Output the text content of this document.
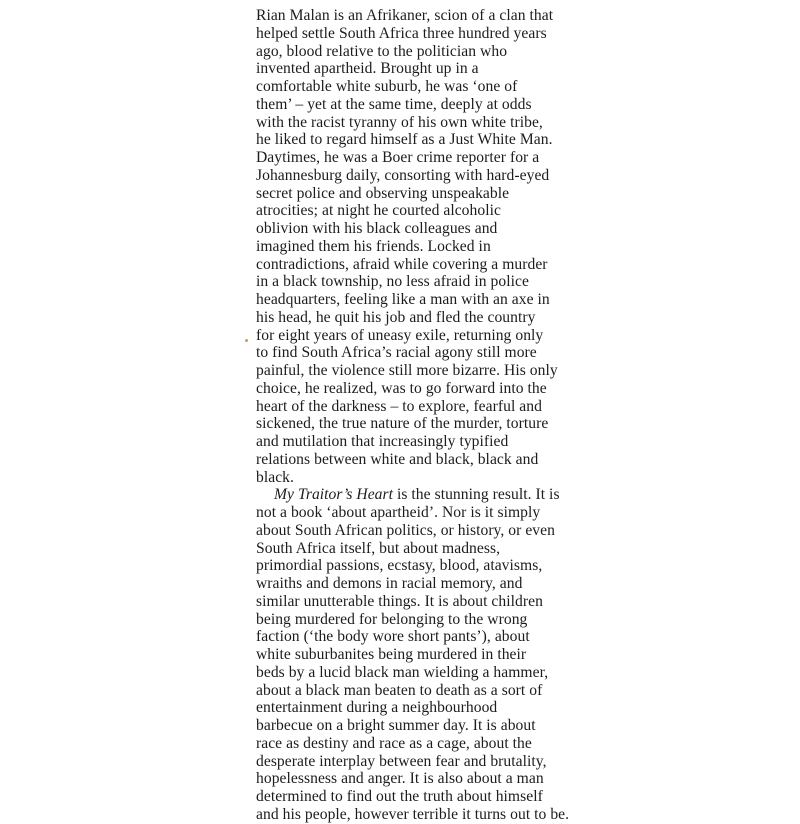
Rian Malan is an Afrikaner, scion of a clan that
helped settle South Africa three hundred years
ago, blood relative to the politician who
invented apartheid. Brought up in a
comfortable white suburb, he was ‘one of
them’ – yet at the same time, deeply at odds
with the racist tyranny of his own white tribe,
he liked to regard himself as a Just White Man.
Daytimes, he was a Boer crime reporter for a
Johannesburg daily, consorting with hard-eyed
secret police and observing unspeakable
atrocities; at night he courted alcoholic
oblivion with his black colleagues and
imagined them his friends. Locked in
contradictions, afraid while covering a murder
in a black township, no less afraid in police
headquarters, feeling like a man with an axe in
his head, he quit his job and fled the country
for eight years of uneasy exile, returning only
to find South Africa’s racial agony still more
painful, the violence still more bizarre. His only
choice, he realized, was to go forward into the
heart of the darkness – to explore, fearful and
sickened, the true nature of the murder, torture
and mutilation that increasingly typified
relations between white and black, black and
black.
My Traitor’s Heart is the stunning result. It is
not a book ‘about apartheid’. Nor is it simply
about South African politics, or history, or even
South Africa itself, but about madness,
primordial passions, ecstasy, blood, atavisms,
wraiths and demons in racial memory, and
similar unutterable things. It is about children
being murdered for belonging to the wrong
faction (‘the body wore short pants’), about
white suburbanites being murdered in their
beds by a lucid black man wielding a hammer,
about a black man beaten to death as a sort of
entertainment during a neighbourhood
barbecue on a bright summer day. It is about
race as destiny and race as a cage, about the
desperate interplay between fear and brutality,
hopelessness and anger. It is also about a man
determined to find out the truth about himself
and his people, however terrible it turns out to be.
